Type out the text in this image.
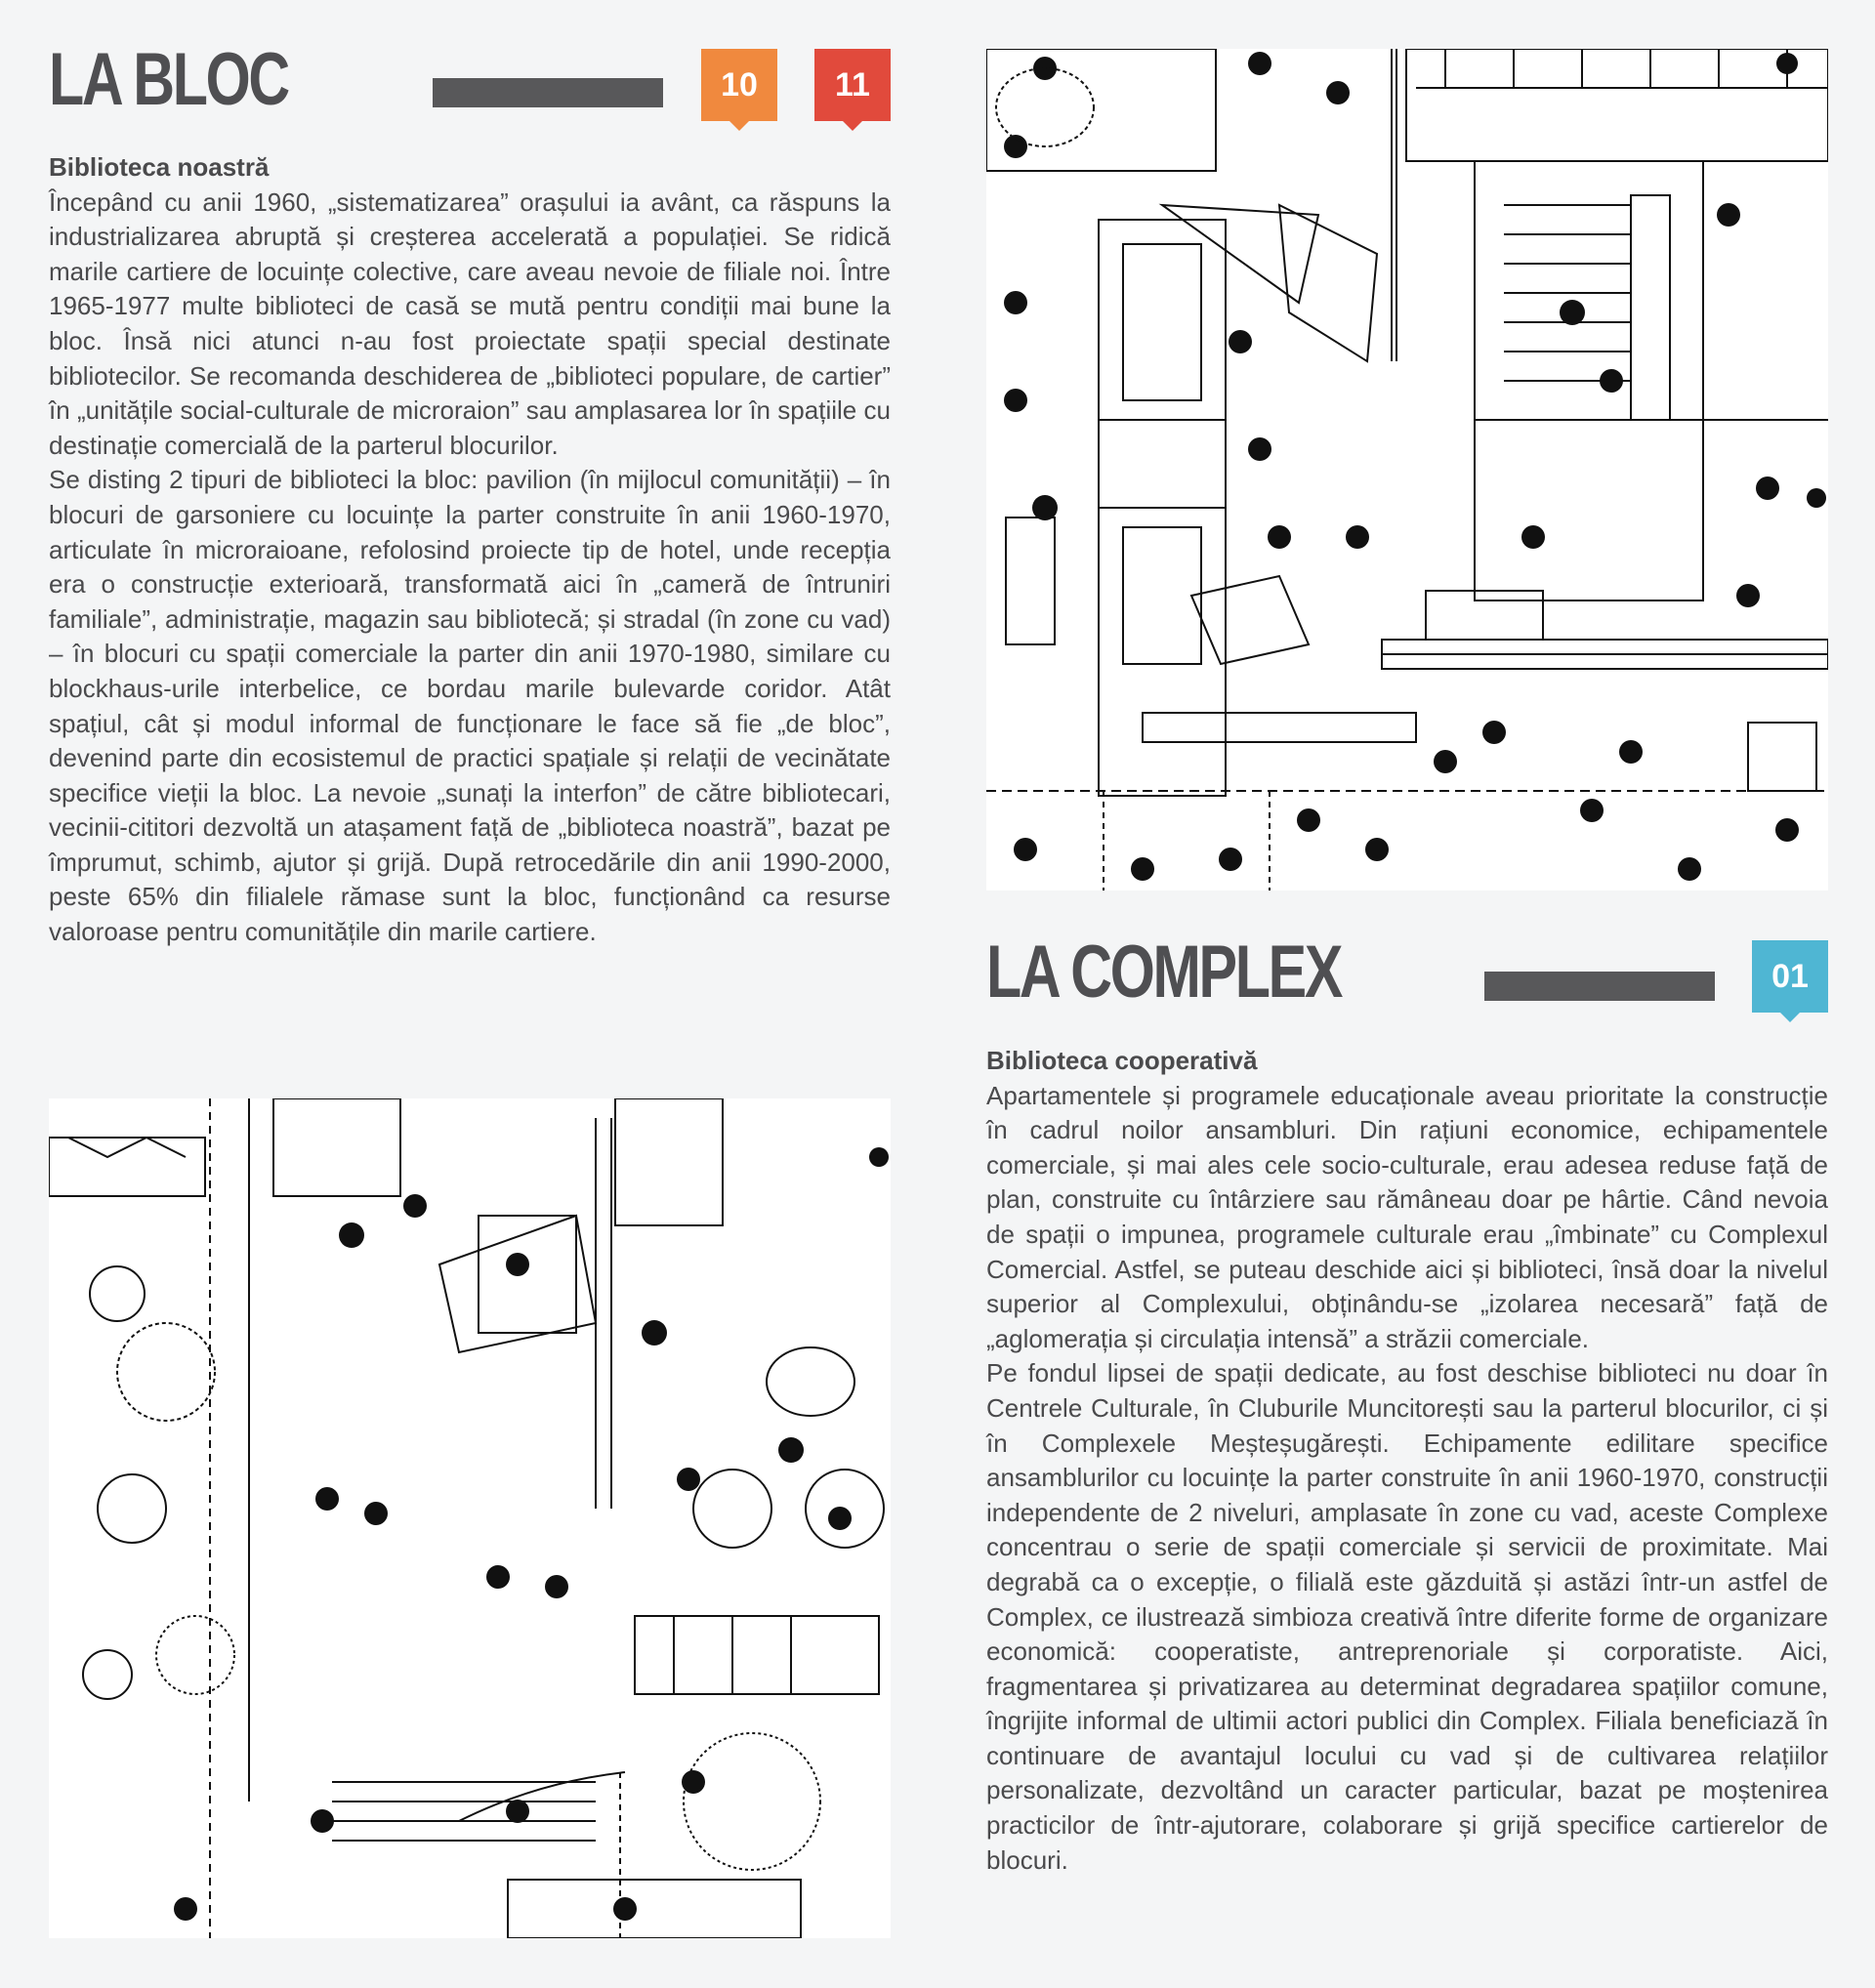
LA BLOC	10	11
Biblioteca noastră

Începând cu anii 1960, „sistematizarea” orașului ia avânt, ca răspuns la industrializarea abruptă și creșterea accelerată a populației. Se ridică marile cartiere de locuințe colective, care aveau nevoie de filiale noi. Între 1965-1977 multe biblioteci de casă se mută pentru condiții mai bune la bloc. Însă nici atunci n-au fost proiectate spații special destinate bibliotecilor. Se recomanda deschiderea de „biblioteci populare, de cartier” în „unitățile social-culturale de microraion” sau amplasarea lor în spațiile cu destinație comercială de la parterul blocurilor.

Se disting 2 tipuri de biblioteci la bloc: pavilion (în mijlocul comunității) – în blocuri de garsoniere cu locuințe la parter construite în anii 1960-1970, articulate în microraioane, refolosind proiecte tip de hotel, unde recepția era o construcție exterioară, transformată aici în „cameră de întruniri familiale”, administrație, magazin sau bibliotecă; și stradal (în zone cu vad) – în blocuri cu spații comerciale la parter din anii 1970-1980, similare cu blockhaus-urile interbelice, ce bordau marile bulevarde coridor. Atât spațiul, cât și modul informal de funcționare le face să fie „de bloc”, devenind parte din ecosistemul de practici spațiale și relații de vecinătate specifice vieții la bloc. La nevoie „sunați la interfon” de către bibliotecari, vecinii-cititori dezvoltă un atașament față de „biblioteca noastră”, bazat pe împrumut, schimb, ajutor și grijă. După retrocedările din anii 1990-2000, peste 65% din filialele rămase sunt la bloc, funcționând ca resurse valoroase pentru comunitățile din marile cartiere.	LA COMPLEX	01
Biblioteca cooperativă

Apartamentele și programele educaționale aveau prioritate la construcție în cadrul noilor ansambluri. Din rațiuni economice, echipamentele comerciale, și mai ales cele socio-culturale, erau adesea reduse față de plan, construite cu întârziere sau rămâneau doar pe hârtie. Când nevoia de spații o impunea, programele culturale erau „îmbinate” cu Complexul Comercial. Astfel, se puteau deschide aici și biblioteci, însă doar la nivelul superior al Complexului, obținându-se „izolarea necesară” față de „aglomerația și circulația intensă” a străzii comerciale.

Pe fondul lipsei de spații dedicate, au fost deschise biblioteci nu doar în Centrele Culturale, în Cluburile Muncitorești sau la parterul blocurilor, ci și în Complexele Meșteșugărești. Echipamente edilitare specifice ansamblurilor cu locuințe la parter construite în anii 1960-1970, construcții independente de 2 niveluri, amplasate în zone cu vad, aceste Complexe concentrau o serie de spații comerciale și servicii de proximitate. Mai degrabă ca o excepție, o filială este găzduită și astăzi într-un astfel de Complex, ce ilustrează simbioza creativă între diferite forme de organizare economică: cooperatiste, antreprenoriale și corporatiste. Aici, fragmentarea și privatizarea au determinat degradarea spațiilor comune, îngrijite informal de ultimii actori publici din Complex. Filiala beneficiază în continuare de avantajul locului cu vad și de cultivarea relațiilor personalizate, dezvoltând un caracter particular, bazat pe moștenirea practicilor de într-ajutorare, colaborare și grijă specifice cartierelor de blocuri.
